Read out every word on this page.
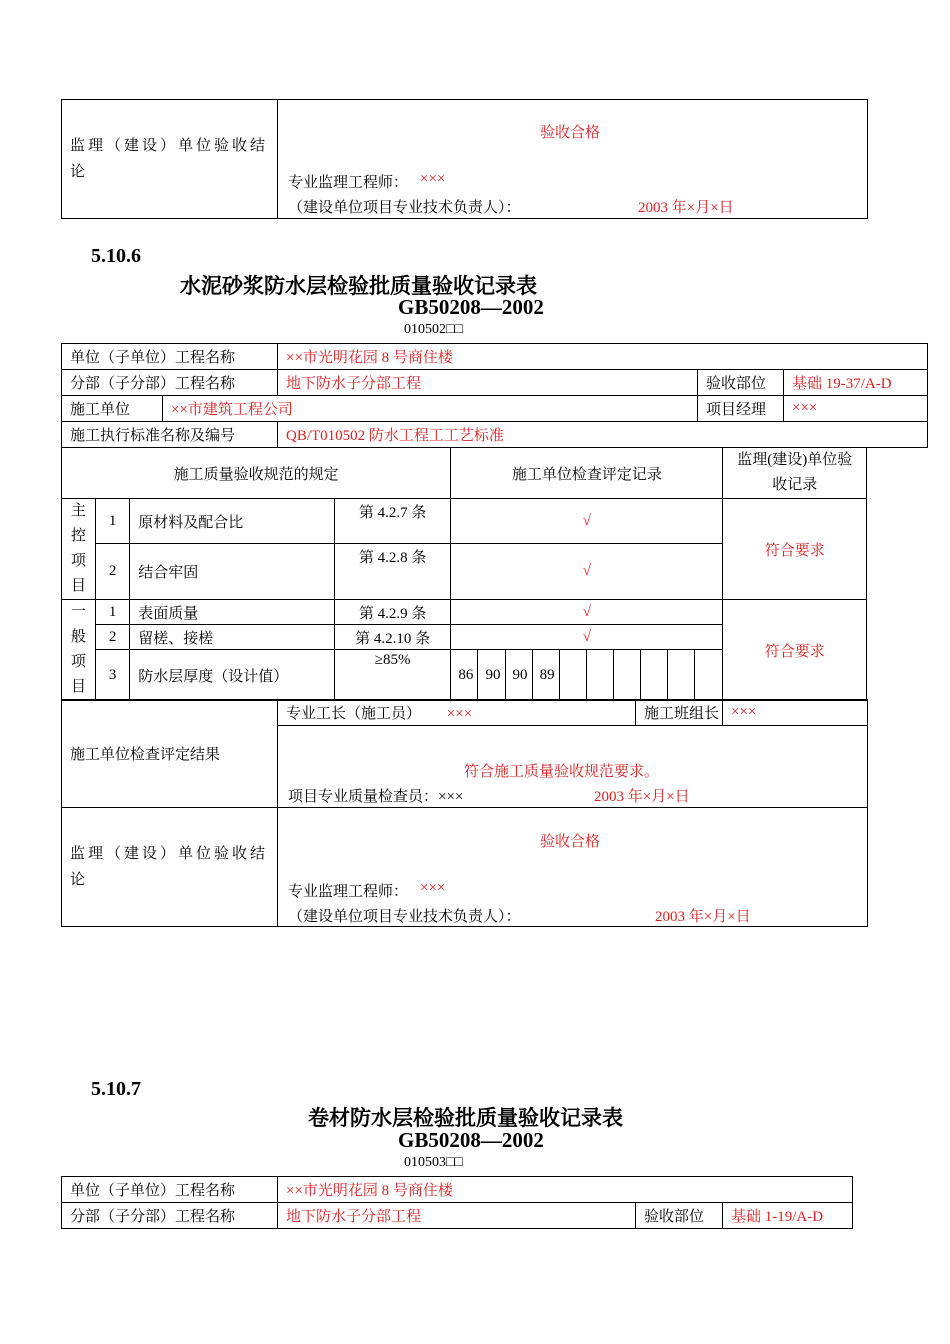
监理（建设）单位验收结论	
验收合格
专业监理工程师： ×××
（建设单位项目专业技术负责人）：	2003 年×月×日
5.10.6
水泥砂浆防水层检验批质量验收记录表
GB50208—2002
010502□□
单位（子单位）工程名称		××市光明花园 8 号商住楼		
分部（子分部）工程名称		地下防水子分部工程	验收部位	基础 19-37/A-D
施工单位	××市建筑工程公司		项目经理	×××
施工执行标准名称及编号		QB/T010502 防水工程工工艺标准		
施工质量验收规范的规定				施工单位检查评定记录										监理(建设)单位验收记录
主控项目	1	原材料及配合比	第 4.2.7 条	√										符合要求
	2	结合牢固	第 4.2.8 条	√										
一般项目	1	表面质量	第 4.2.9 条	√										符合要求
	2	留槎、接槎	第 4.2.10 条	√										
	3	防水层厚度（设计值）	≥85%	86	90	90	89							
施工单位检查评定结果	专业工长（施工员） ×××	施工班组长	×××

符合施工质量验收规范要求。
项目专业质量检查员：×××	2003 年×月×日
监理（建设）单位验收结论	
验收合格
专业监理工程师： ×××
（建设单位项目专业技术负责人）：	2003 年×月×日
5.10.7
卷材防水层检验批质量验收记录表
GB50208—2002
010503□□
单位（子单位）工程名称	××市光明花园 8 号商住楼		
分部（子分部）工程名称	地下防水子分部工程	验收部位	基础 1-19/A-D
